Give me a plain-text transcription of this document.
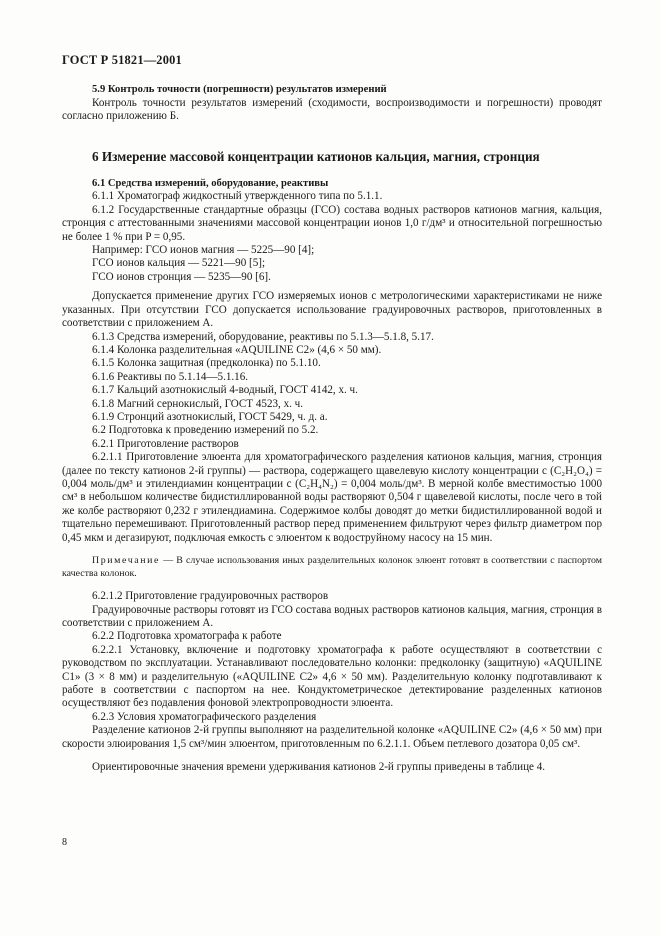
ГОСТ Р 51821—2001
5.9 Контроль точности (погрешности) результатов измерений

Контроль точности результатов измерений (сходимости, воспроизводимости и погрешности) проводят согласно приложению Б.

6 Измерение массовой концентрации катионов кальция, магния, стронция
6.1 Средства измерений, оборудование, реактивы

6.1.1 Хроматограф жидкостный утвержденного типа по 5.1.1.

6.1.2 Государственные стандартные образцы (ГСО) состава водных растворов катионов магния, кальция, стронция с аттестованными значениями массовой концентрации ионов 1,0 г/дм³ и относительной погрешностью не более 1 % при P = 0,95.

Например: ГСО ионов магния — 5225—90 [4];

ГСО ионов кальция — 5221—90 [5];

ГСО ионов стронция — 5235—90 [6].

Допускается применение других ГСО измеряемых ионов с метрологическими характеристиками не ниже указанных. При отсутствии ГСО допускается использование градуировочных растворов, приготовленных в соответствии с приложением А.

6.1.3 Средства измерений, оборудование, реактивы по 5.1.3—5.1.8, 5.17.

6.1.4 Колонка разделительная «AQUILINE C2» (4,6 × 50 мм).

6.1.5 Колонка защитная (предколонка) по 5.1.10.

6.1.6 Реактивы по 5.1.14—5.1.16.

6.1.7 Кальций азотнокислый 4-водный, ГОСТ 4142, х. ч.

6.1.8 Магний сернокислый, ГОСТ 4523, х. ч.

6.1.9 Стронций азотнокислый, ГОСТ 5429, ч. д. а.

6.2 Подготовка к проведению измерений по 5.2.

6.2.1 Приготовление растворов

6.2.1.1 Приготовление элюента для хроматографического разделения катионов кальция, магния, стронция (далее по тексту катионов 2-й группы) — раствора, содержащего щавелевую кислоту концентрации с (C₂H₂O₄) = 0,004 моль/дм³ и этилендиамин концентрации с (C₂H₄N₂) = 0,004 моль/дм³. В мерной колбе вместимостью 1000 см³ в небольшом количестве бидистиллированной воды растворяют 0,504 г щавелевой кислоты, после чего в той же колбе растворяют 0,232 г этилендиамина. Содержимое колбы доводят до метки бидистиллированной водой и тщательно перемешивают. Приготовленный раствор перед применением фильтруют через фильтр диаметром пор 0,45 мкм и дегазируют, подключая емкость с элюентом к водоструйному насосу на 15 мин.

Примечание — В случае использования иных разделительных колонок элюент готовят в соответствии с паспортом качества колонок.

6.2.1.2 Приготовление градуировочных растворов

Градуировочные растворы готовят из ГСО состава водных растворов катионов кальция, магния, стронция в соответствии с приложением А.

6.2.2 Подготовка хроматографа к работе

6.2.2.1 Установку, включение и подготовку хроматографа к работе осуществляют в соответствии с руководством по эксплуатации. Устанавливают последовательно колонки: предколонку (защитную) «AQUILINE C1» (3 × 8 мм) и разделительную («AQUILINE C2» 4,6 × 50 мм). Разделительную колонку подготавливают к работе в соответствии с паспортом на нее. Кондуктометрическое детектирование разделенных катионов осуществляют без подавления фоновой электропроводности элюента.

6.2.3 Условия хроматографического разделения

Разделение катионов 2-й группы выполняют на разделительной колонке «AQUILINE C2» (4,6 × 50 мм) при скорости элюирования 1,5 см³/мин элюентом, приготовленным по 6.2.1.1. Объем петлевого дозатора 0,05 см³.

Ориентировочные значения времени удерживания катионов 2-й группы приведены в таблице 4.

8
